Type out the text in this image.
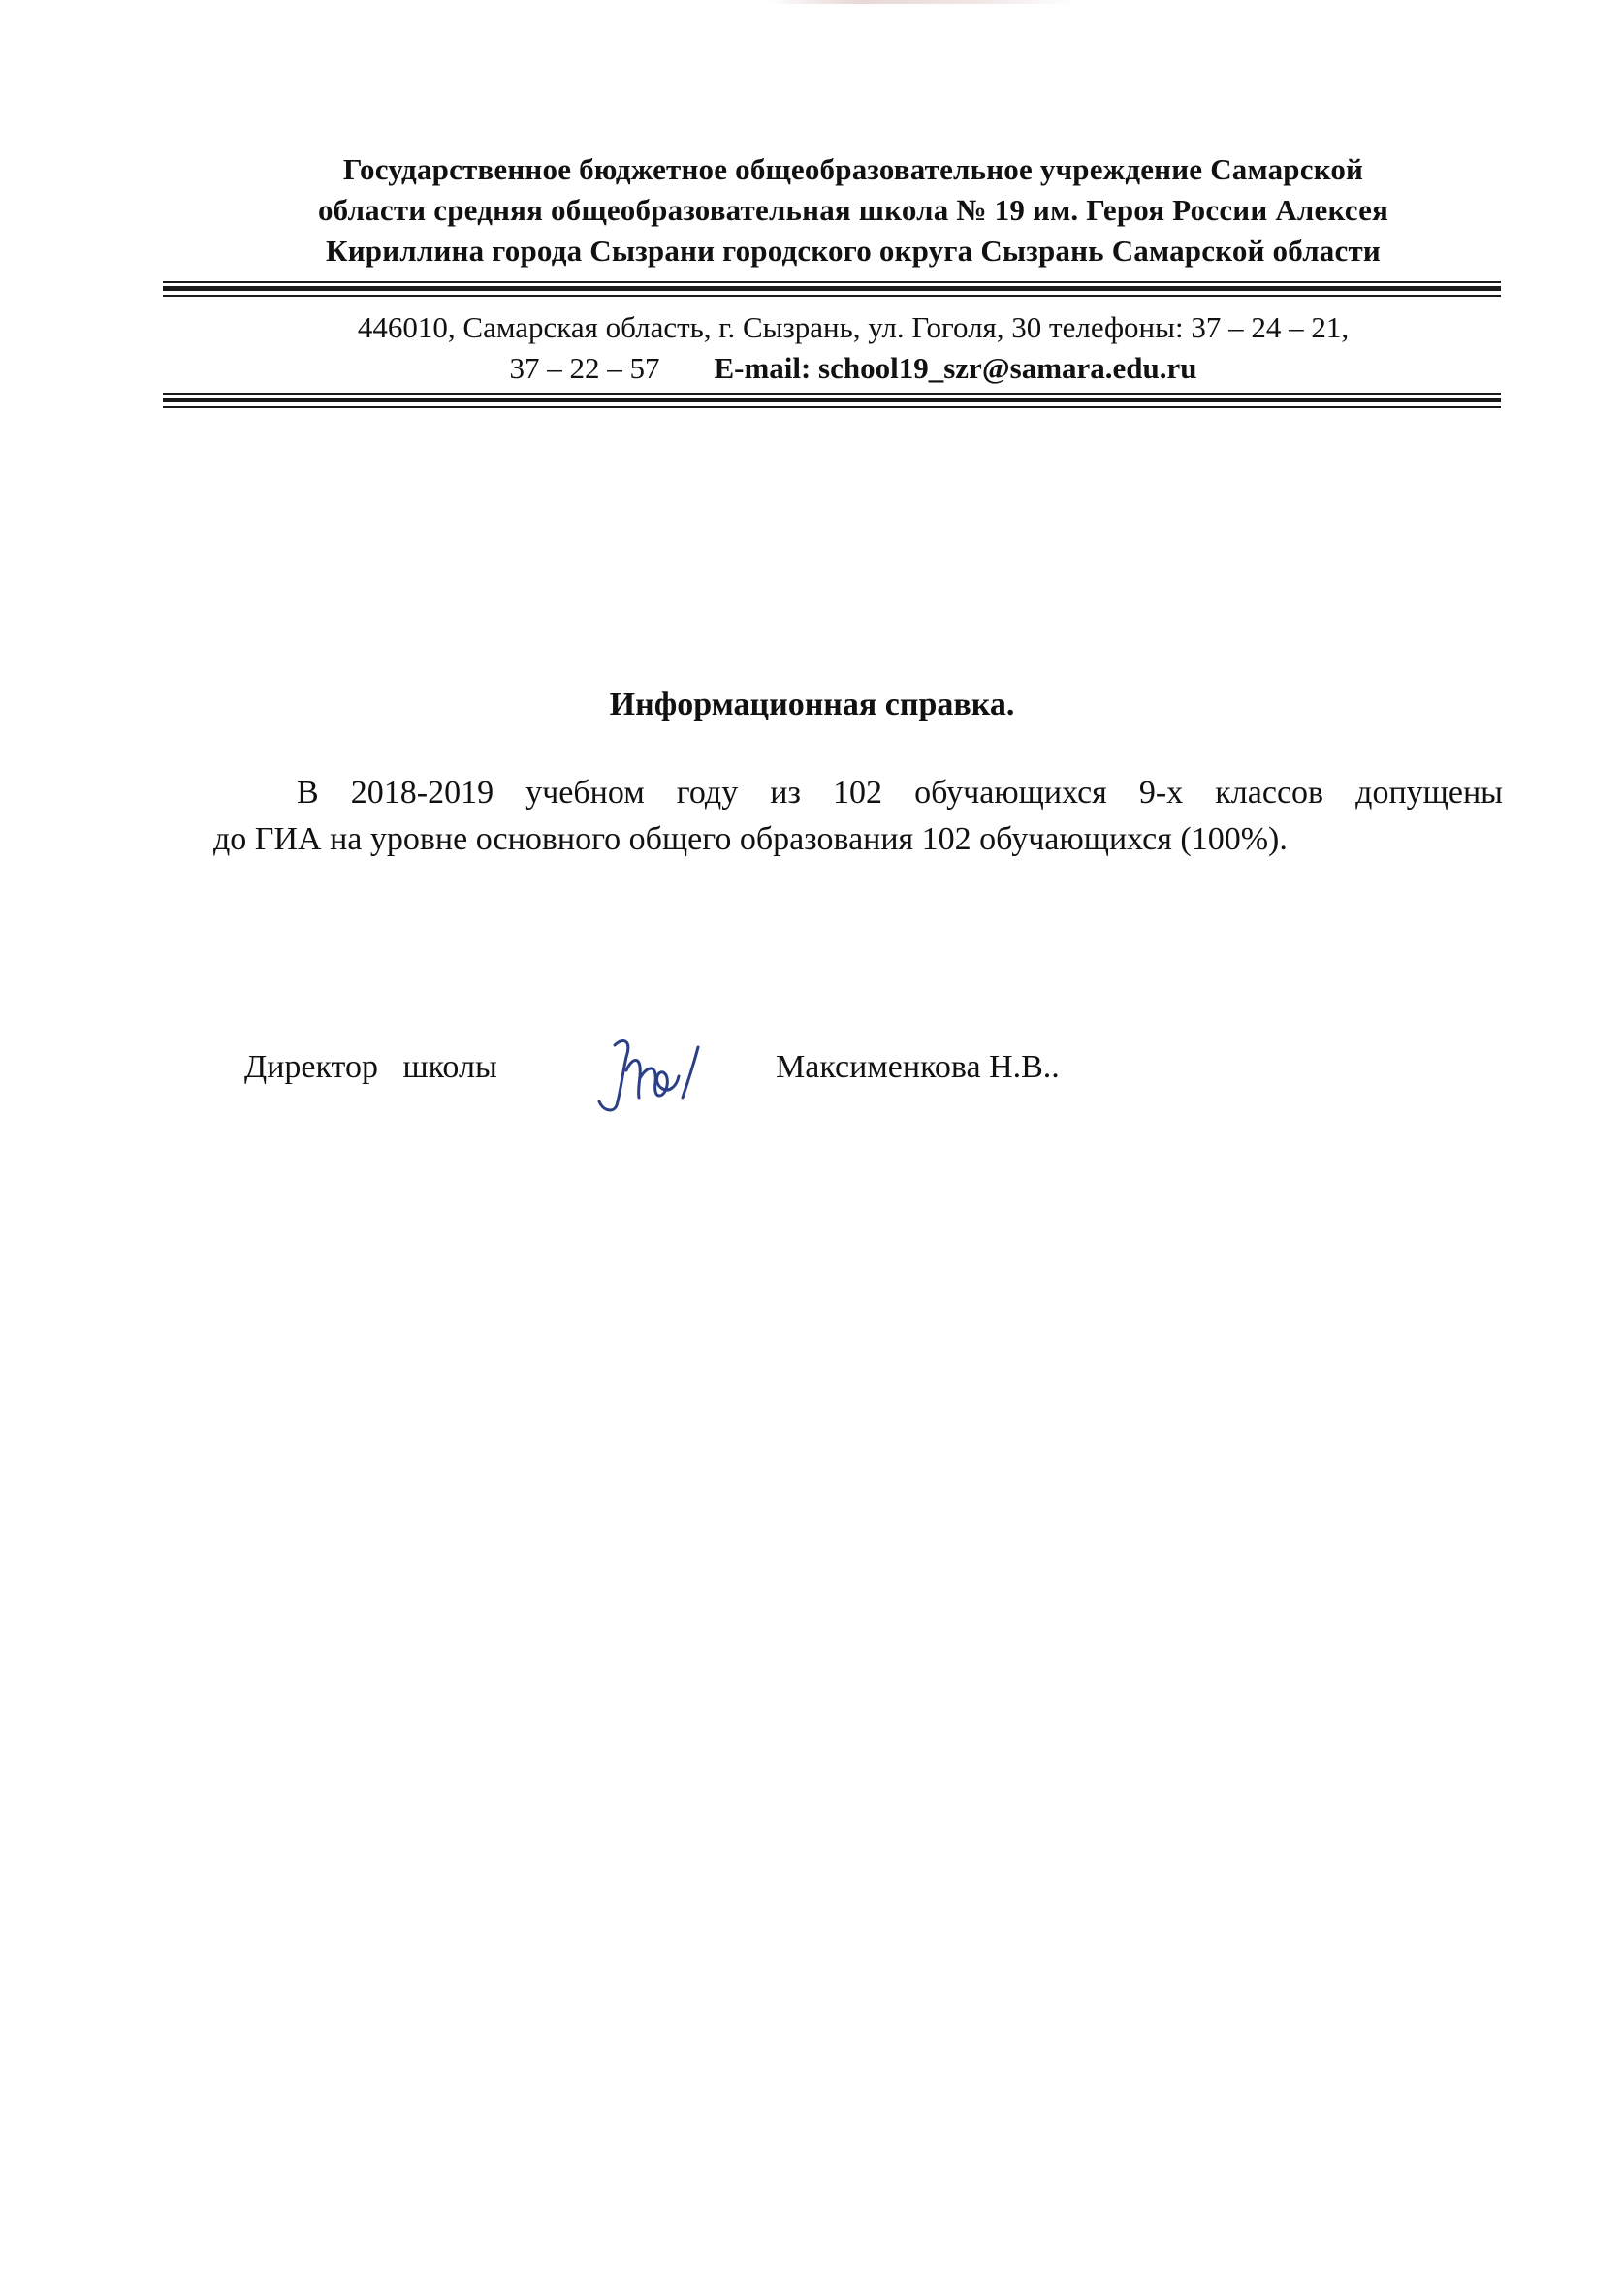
Государственное бюджетное общеобразовательное учреждение Самарской
области средняя общеобразовательная школа № 19 им. Героя России Алексея
Кириллина города Сызрани городского округа Сызрань Самарской области
446010, Самарская область, г. Сызрань, ул. Гоголя, 30 телефоны: 37 – 24 – 21,
37 – 22 – 57 E-mail: school19_szr@samara.edu.ru
Информационная справка.
В 2018-2019 учебном году из 102 обучающихся 9-х классов допущены
до ГИА на уровне основного общего образования 102 обучающихся (100%).
Директор   школы	Максименкова Н.В..
